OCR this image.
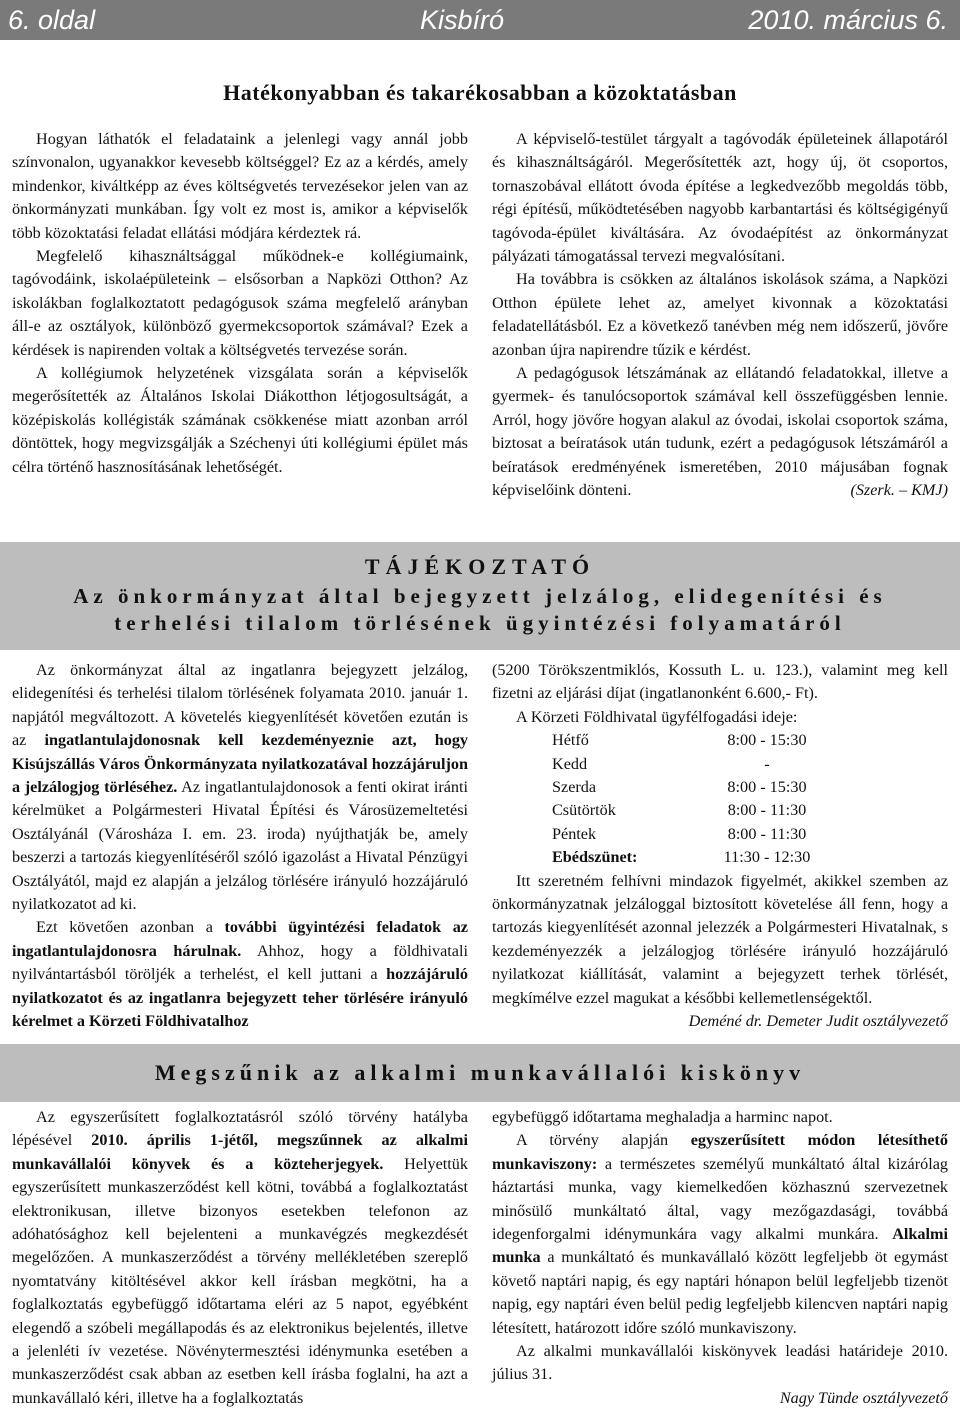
6. oldal	Kisbíró	2010. március 6.
Hatékonyabban és takarékosabban a közoktatásban

Hogyan láthatók el feladataink a jelenlegi vagy annál jobb színvonalon, ugyanakkor kevesebb költséggel? Ez az a kérdés, amely mindenkor, kiváltképp az éves költségvetés tervezésekor jelen van az önkormányzati munkában. Így volt ez most is, amikor a képviselők több közoktatási feladat ellátási módjára kérdeztek rá.

Megfelelő kihasználtsággal működnek-e kollégiumaink, tagóvodáink, iskolaépületeink – elsősorban a Napközi Otthon? Az iskolákban foglalkoztatott pedagógusok száma megfelelő arányban áll-e az osztályok, különböző gyermekcsoportok számával? Ezek a kérdések is napirenden voltak a költségvetés tervezése során.

A kollégiumok helyzetének vizsgálata során a képviselők megerősítették az Általános Iskolai Diákotthon létjogosultságát, a középiskolás kollégisták számának csökkenése miatt azonban arról döntöttek, hogy megvizsgálják a Széchenyi úti kollégiumi épület más célra történő hasznosításának lehetőségét.

A képviselő-testület tárgyalt a tagóvodák épületeinek állapotáról és kihasználtságáról. Megerősítették azt, hogy új, öt csoportos, tornaszobával ellátott óvoda építése a legkedvezőbb megoldás több, régi építésű, működtetésében nagyobb karbantartási és költségigényű tagóvoda-épület kiváltására. Az óvodaépítést az önkormányzat pályázati támogatással tervezi megvalósítani.

Ha továbbra is csökken az általános iskolások száma, a Napközi Otthon épülete lehet az, amelyet kivonnak a közoktatási feladatellátásból. Ez a következő tanévben még nem időszerű, jövőre azonban újra napirendre tűzik e kérdést.

A pedagógusok létszámának az ellátandó feladatokkal, illetve a gyermek- és tanulócsoportok számával kell összefüggésben lennie. Arról, hogy jövőre hogyan alakul az óvodai, iskolai csoportok száma, biztosat a beíratások után tudunk, ezért a pedagógusok létszámáról a beíratások eredményének ismeretében, 2010 májusában fognak képviselőink dönteni.	(Szerk. – KMJ)
TÁJÉKOZTATÓ
Az önkormányzat által bejegyzett jelzálog, elidegenítési és
terhelési tilalom törlésének ügyintézési folyamatáról

Az önkormányzat által az ingatlanra bejegyzett jelzálog, elidegenítési és terhelési tilalom törlésének folyamata 2010. január 1. napjától megváltozott. A követelés kiegyenlítését követően ezután is az ingatlantulajdonosnak kell kezdeményeznie azt, hogy Kisújszállás Város Önkormányzata nyilatkozatával hozzájáruljon a jelzálogjog törléséhez. Az ingatlantulajdonosok a fenti okirat iránti kérelmüket a Polgármesteri Hivatal Építési és Városüzemeltetési Osztályánál (Városháza I. em. 23. iroda) nyújthatják be, amely beszerzi a tartozás kiegyenlítéséről szóló igazolást a Hivatal Pénzügyi Osztályától, majd ez alapján a jelzálog törlésére irányuló hozzájáruló nyilatkozatot ad ki.

Ezt követően azonban a további ügyintézési feladatok az ingatlantulajdonosra hárulnak. Ahhoz, hogy a földhivatali nyilvántartásból töröljék a terhelést, el kell juttani a hozzájáruló nyilatkozatot és az ingatlanra bejegyzett teher törlésére irányuló kérelmet a Körzeti Földhivatalhoz

(5200 Törökszentmiklós, Kossuth L. u. 123.), valamint meg kell fizetni az eljárási díjat (ingatlanonként 6.600,- Ft).

A Körzeti Földhivatal ügyfélfogadási ideje:

Hétfő	8:00 - 15:30
Kedd	-
Szerda	8:00 - 15:30
Csütörtök	8:00 - 11:30
Péntek	8:00 - 11:30
Ebédszünet:	11:30 - 12:30

Itt szeretném felhívni mindazok figyelmét, akikkel szemben az önkormányzatnak jelzáloggal biztosított követelése áll fenn, hogy a tartozás kiegyenlítését azonnal jelezzék a Polgármesteri Hivatalnak, s kezdeményezzék a jelzálogjog törlésére irányuló hozzájáruló nyilatkozat kiállítását, valamint a bejegyzett terhek törlését, megkímélve ezzel magukat a későbbi kellemetlenségektől.

Deméné dr. Demeter Judit osztályvezető
Megszűnik az alkalmi munkavállalói kiskönyv

Az egyszerűsített foglalkoztatásról szóló törvény hatályba lépésével 2010. április 1-jétől, megszűnnek az alkalmi munkavállalói könyvek és a közteherjegyek. Helyettük egyszerűsített munkaszerződést kell kötni, továbbá a foglalkoztatást elektronikusan, illetve bizonyos esetekben telefonon az adóhatósághoz kell bejelenteni a munkavégzés megkezdését megelőzően. A munkaszerződést a törvény mellékletében szereplő nyomtatvány kitöltésével akkor kell írásban megkötni, ha a foglalkoztatás egybefüggő időtartama eléri az 5 napot, egyébként elegendő a szóbeli megállapodás és az elektronikus bejelentés, illetve a jelenléti ív vezetése. Növénytermesztési idénymunka esetében a munkaszerződést csak abban az esetben kell írásba foglalni, ha azt a munkavállaló kéri, illetve ha a foglalkoztatás

egybefüggő időtartama meghaladja a harminc napot.

A törvény alapján egyszerűsített módon létesíthető munkaviszony: a természetes személyű munkáltató által kizárólag háztartási munka, vagy kiemelkedően közhasznú szervezetnek minősülő munkáltató által, vagy mezőgazdasági, továbbá idegenforgalmi idénymunkára vagy alkalmi munkára. Alkalmi munka a munkáltató és munkavállaló között legfeljebb öt egymást követő naptári napig, és egy naptári hónapon belül legfeljebb tizenöt napig, egy naptári éven belül pedig legfeljebb kilencven naptári napig létesített, határozott időre szóló munkaviszony.

Az alkalmi munkavállalói kiskönyvek leadási határideje 2010. július 31.

Nagy Tünde osztályvezető
